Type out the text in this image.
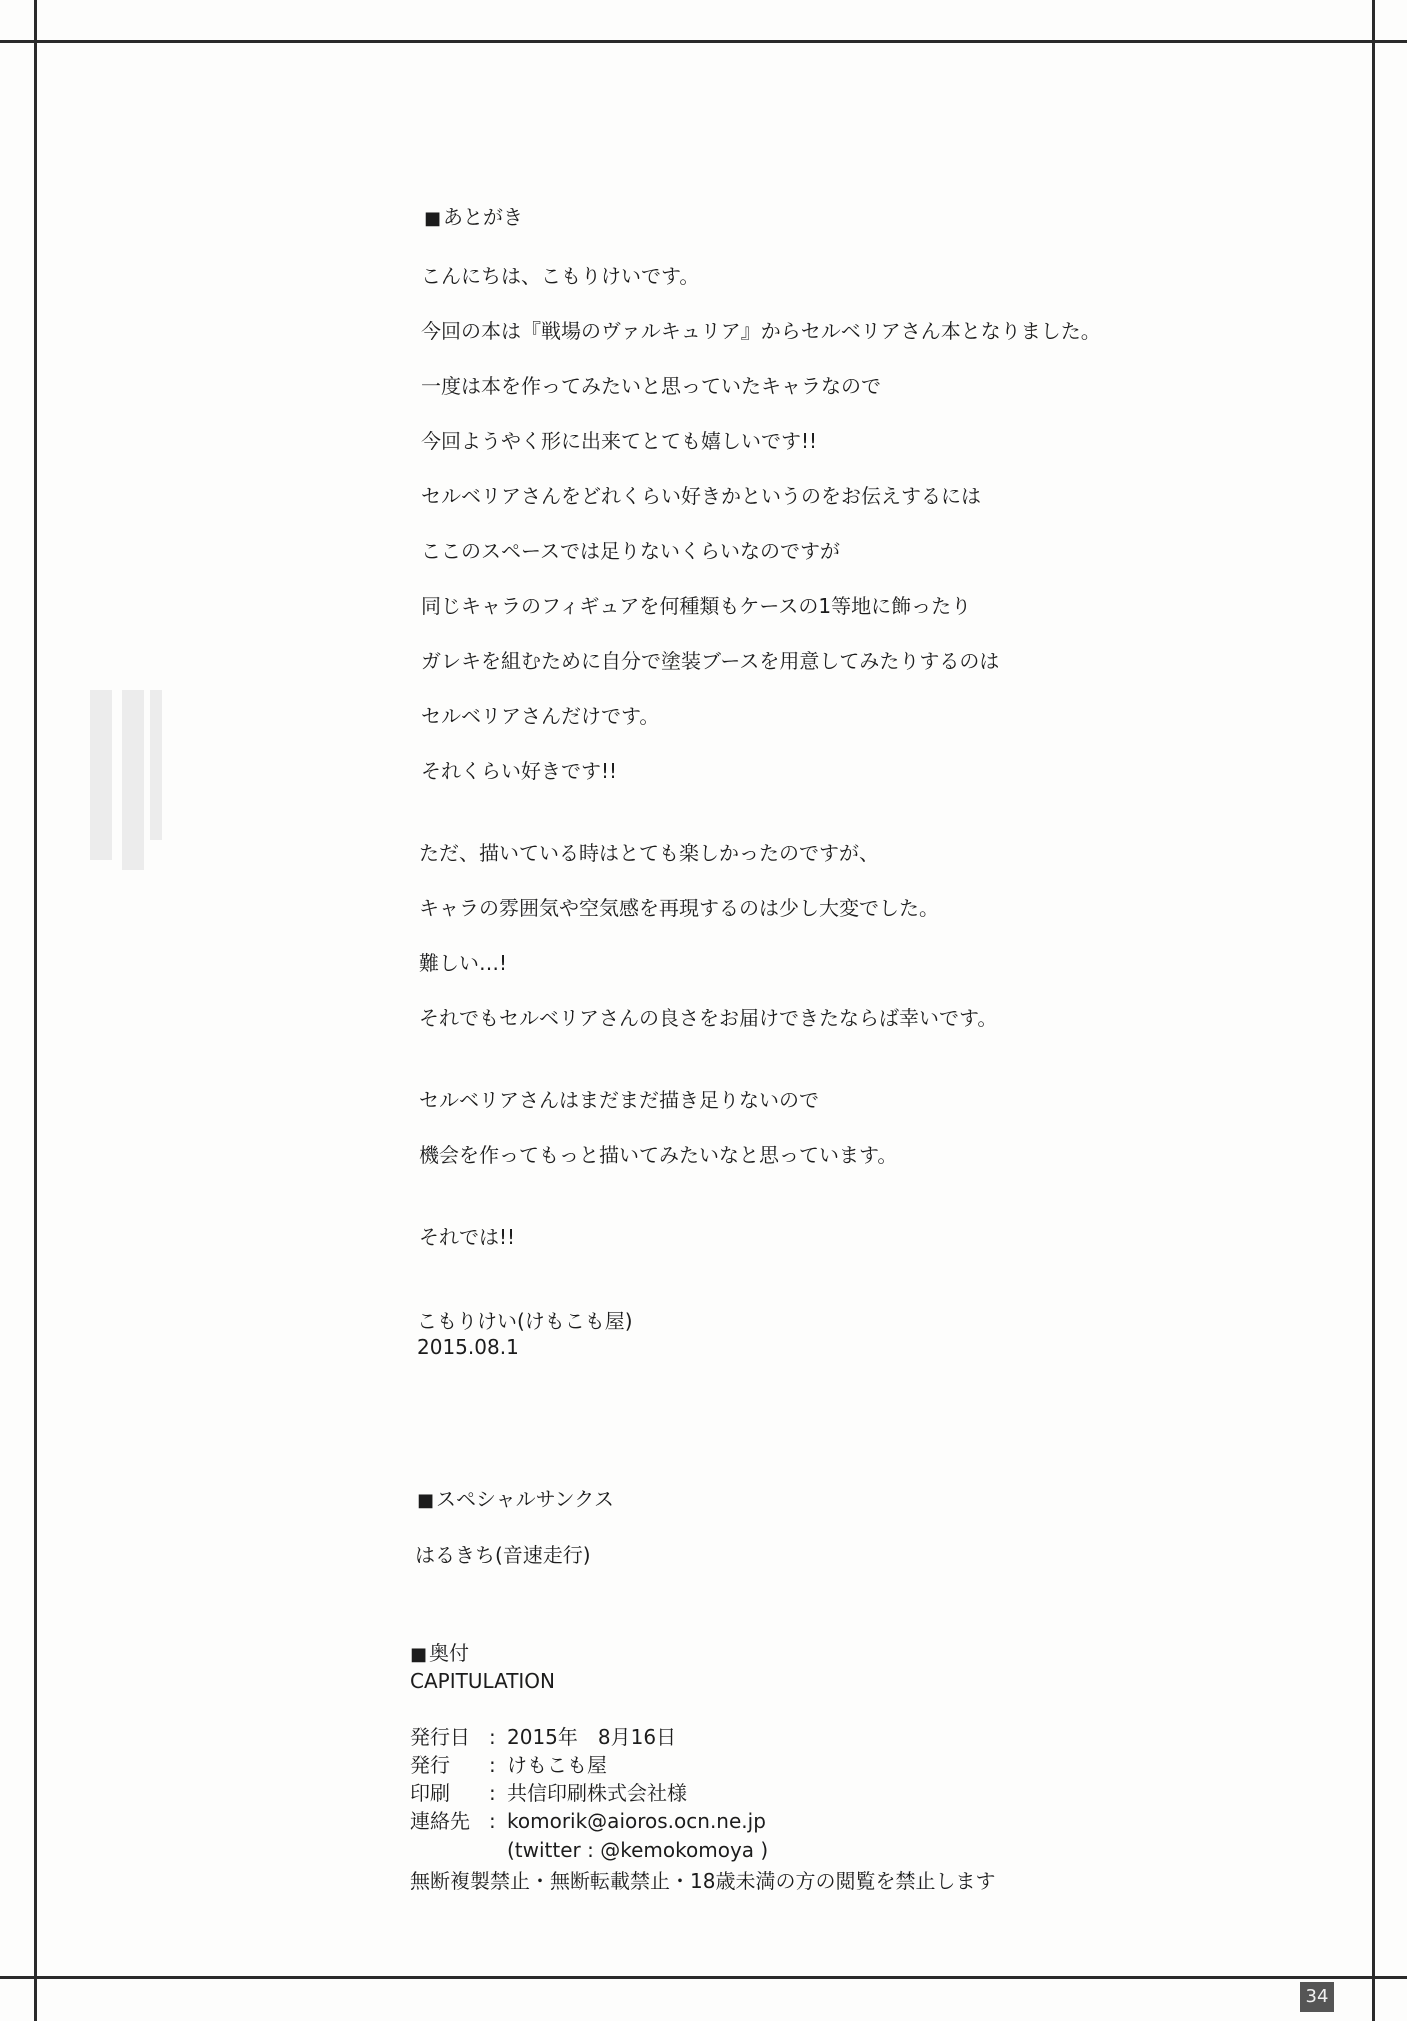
■ あとがき
こんにちは、こもりけいです。
今回の本は『戦場のヴァルキュリア』からセルベリアさん本となりました。
一度は本を作ってみたいと思っていたキャラなので
今回ようやく形に出来てとても嬉しいです!!
セルベリアさんをどれくらい好きかというのをお伝えするには
ここのスペースでは足りないくらいなのですが
同じキャラのフィギュアを何種類もケースの1等地に飾ったり
ガレキを組むために自分で塗装ブースを用意してみたりするのは
セルベリアさんだけです。
それくらい好きです!!
ただ、描いている時はとても楽しかったのですが、
キャラの雰囲気や空気感を再現するのは少し大変でした。
難しい…!
それでもセルベリアさんの良さをお届けできたならば幸いです。
セルベリアさんはまだまだ描き足りないので
機会を作ってもっと描いてみたいなと思っています。
それでは!!
こもりけい(けもこも屋)
2015.08.1
■ スペシャルサンクス
はるきち(音速走行)
■ 奥付
CAPITULATION
発行日 : 2015年　8月16日
発行 : けもこも屋
印刷 : 共信印刷株式会社様
連絡先 : komorik@aioros.ocn.ne.jp
(twitter : @kemokomoya )
無断複製禁止・無断転載禁止・18歳未満の方の閲覧を禁止します
34
